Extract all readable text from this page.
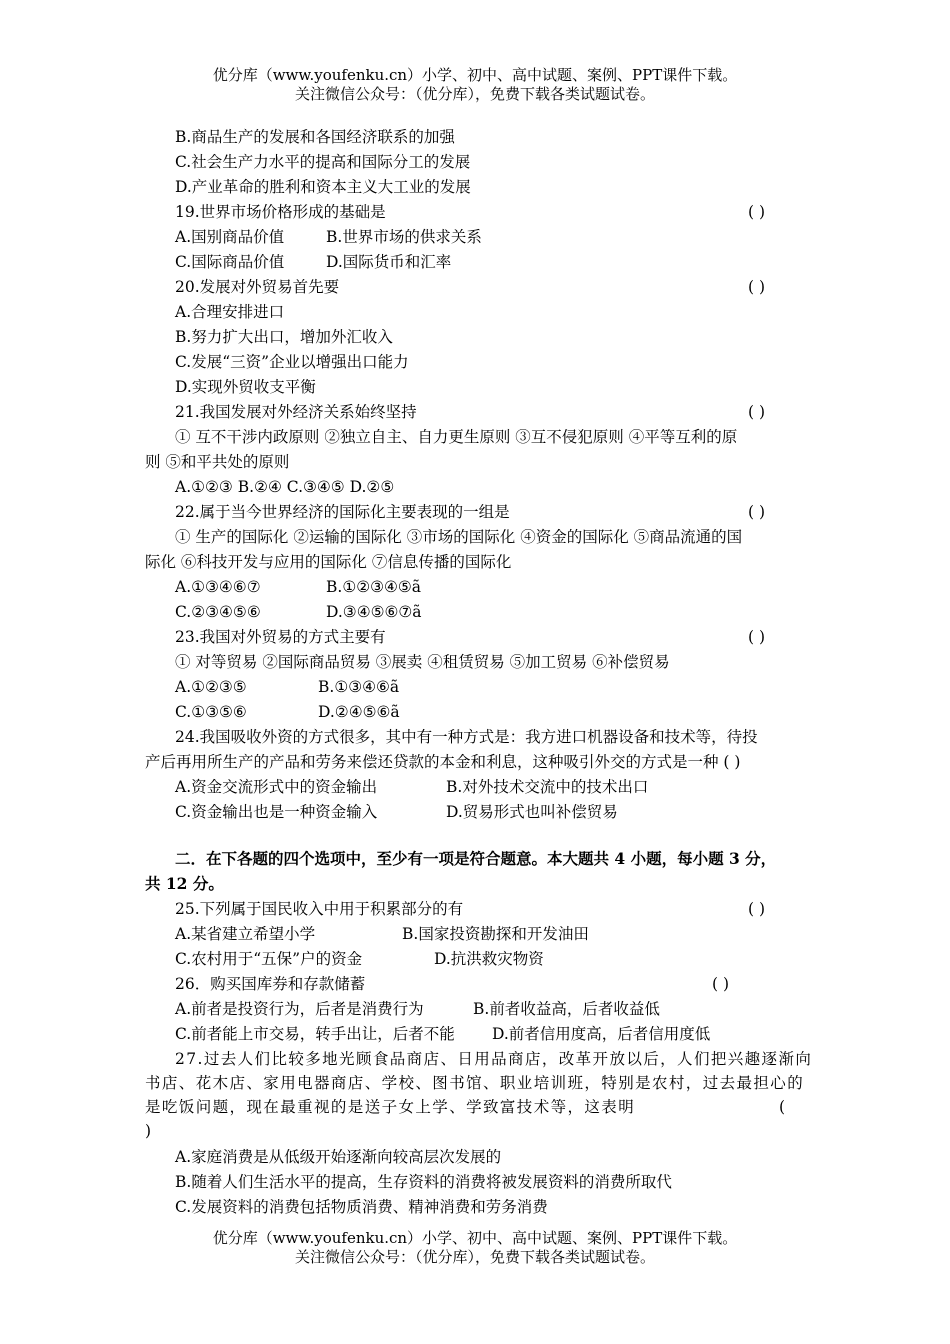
优分库（www.youfenku.cn）小学、初中、高中试题、案例、PPT课件下载。
关注微信公众号：（优分库），免费下载各类试题试卷。
B.商品生产的发展和各国经济联系的加强
C.社会生产力水平的提高和国际分工的发展
D.产业革命的胜利和资本主义大工业的发展
19.世界市场价格形成的基础是	( )
A.国别商品价值	B.世界市场的供求关系
C.国际商品价值	D.国际货币和汇率
20.发展对外贸易首先要	( )
A.合理安排进口
B.努力扩大出口，增加外汇收入
C.发展“三资”企业以增强出口能力
D.实现外贸收支平衡
21.我国发展对外经济关系始终坚持	( )
① 互不干涉内政原则 ②独立自主、自力更生原则 ③互不侵犯原则 ④平等互利的原
则 ⑤和平共处的原则
A.①②③ B.②④ C.③④⑤ D.②⑤
22.属于当今世界经济的国际化主要表现的一组是	( )
① 生产的国际化 ②运输的国际化 ③市场的国际化 ④资金的国际化 ⑤商品流通的国
际化 ⑥科技开发与应用的国际化 ⑦信息传播的国际化
A.①③④⑥⑦	B.①②③④⑤ã
C.②③④⑤⑥	D.③④⑤⑥⑦ã
23.我国对外贸易的方式主要有	( )
① 对等贸易 ②国际商品贸易 ③展卖 ④租赁贸易 ⑤加工贸易 ⑥补偿贸易
A.①②③⑤	B.①③④⑥ã
C.①③⑤⑥	D.②④⑤⑥ã
24.我国吸收外资的方式很多，其中有一种方式是：我方进口机器设备和技术等，待投
产后再用所生产的产品和劳务来偿还贷款的本金和利息，这种吸引外交的方式是一种 ( )
A.资金交流形式中的资金输出	B.对外技术交流中的技术出口
C.资金输出也是一种资金输入	D.贸易形式也叫补偿贸易
二．在下各题的四个选项中，至少有一项是符合题意。本大题共 4 小题，每小题 3 分，
共 12 分。
25.下列属于国民收入中用于积累部分的有	( )
A.某省建立希望小学	B.国家投资勘探和开发油田
C.农村用于“五保”户的资金	D.抗洪救灾物资
26．购买国库券和存款储蓄	( )
A.前者是投资行为，后者是消费行为	B.前者收益高，后者收益低
C.前者能上市交易，转手出让，后者不能 D.前者信用度高，后者信用度低
27.过去人们比较多地光顾食品商店、日用品商店，改革开放以后，人们把兴趣逐渐向
书店、花木店、家用电器商店、学校、图书馆、职业培训班，特别是农村，过去最担心的
是吃饭问题，现在最重视的是送子女上学、学致富技术等，这表明	(
)
A.家庭消费是从低级开始逐渐向较高层次发展的
B.随着人们生活水平的提高，生存资料的消费将被发展资料的消费所取代
C.发展资料的消费包括物质消费、精神消费和劳务消费
优分库（www.youfenku.cn）小学、初中、高中试题、案例、PPT课件下载。
关注微信公众号：（优分库），免费下载各类试题试卷。
